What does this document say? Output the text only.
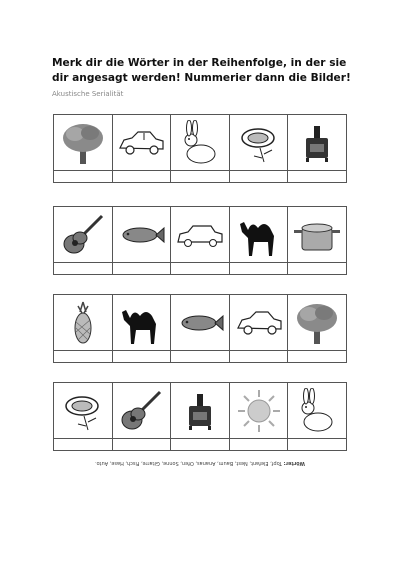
Merk dir die Wörter in der Reihenfolge, in der sie dir angesagt werden! Nummerier dann die Bilder!
Akustische Serialität
Wörter: Topf, Elefant, Nest, Baum, Ananas, Ofen, Sonne, Gitarre, Fisch, Hase, Auto.
